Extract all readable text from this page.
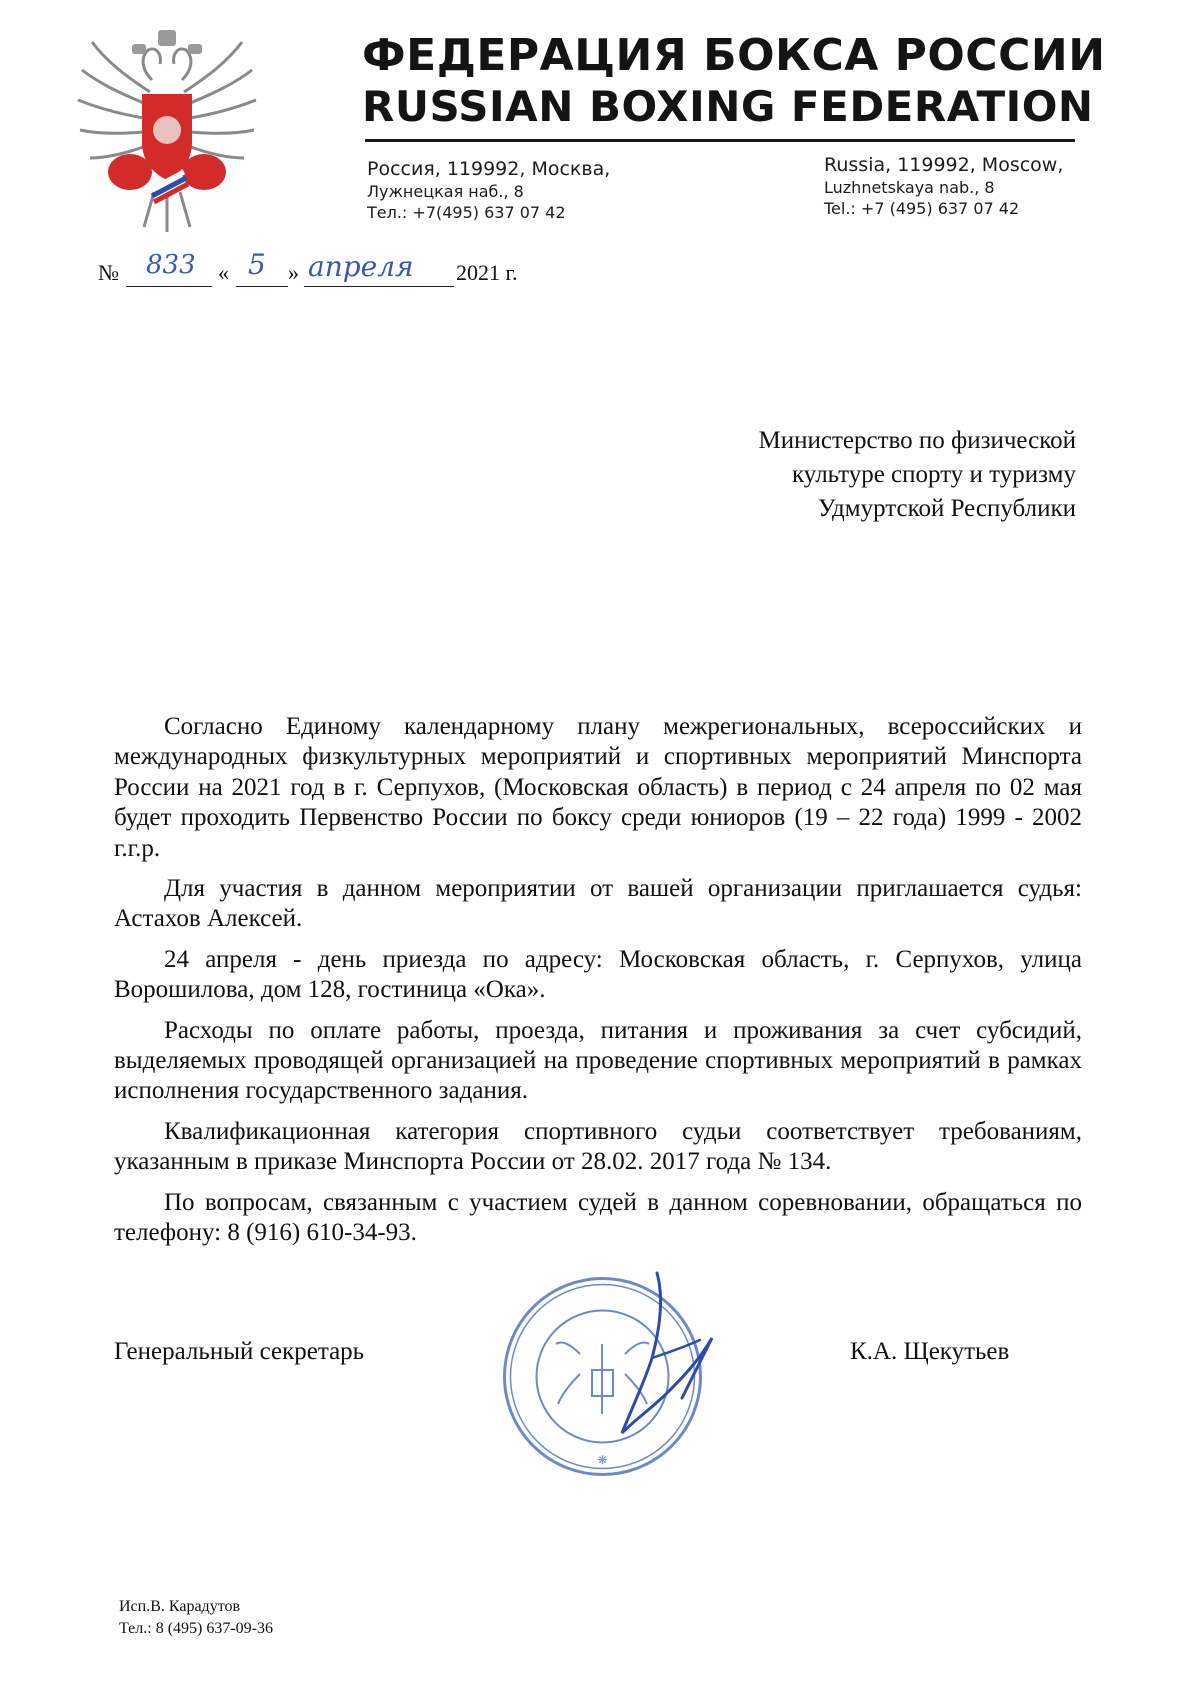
ФЕДЕРАЦИЯ БОКСА РОССИИ
RUSSIAN BOXING FEDERATION
Россия, 119992, Москва,
Лужнецкая наб., 8
Тел.: +7(495) 637 07 42
Russia, 119992, Moscow,
Luzhnetskaya nab., 8
Tel.: +7 (495) 637 07 42
№ 833 « 5 » апреля 2021 г.
Министерство по физической
культуре спорту и туризму
Удмуртской Республики

Согласно Единому календарному плану межрегиональных, всероссийских и международных физкультурных мероприятий и спортивных мероприятий Минспорта России на 2021 год в г. Серпухов, (Московская область) в период с 24 апреля по 02 мая будет проходить Первенство России по боксу среди юниоров (19 – 22 года) 1999 - 2002 г.г.р.

Для участия в данном мероприятии от вашей организации приглашается судья: Астахов Алексей.

24 апреля - день приезда по адресу: Московская область, г. Серпухов, улица Ворошилова, дом 128, гостиница «Ока».

Расходы по оплате работы, проезда, питания и проживания за счет субсидий, выделяемых проводящей организацией на проведение спортивных мероприятий в рамках исполнения государственного задания.

Квалификационная категория спортивного судьи соответствует требованиям, указанным в приказе Минспорта России от 28.02. 2017 года № 134.

По вопросам, связанным с участием судей в данном соревновании, обращаться по телефону: 8 (916) 610-34-93.

Генеральный секретарь	К.А. Щекутьев
❋
Исп.В. Карадутов
Тел.: 8 (495) 637-09-36
